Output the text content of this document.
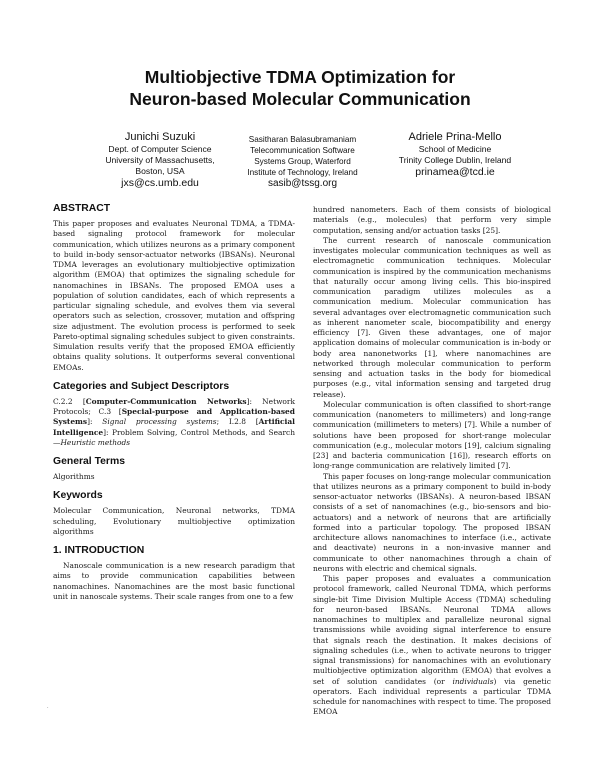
Multiobjective TDMA Optimization for
Neuron-based Molecular Communication
Junichi Suzuki
Dept. of Computer Science
University of Massachusetts,
Boston, USA
jxs@cs.umb.edu
Sasitharan Balasubramaniam
Telecommunication Software
Systems Group, Waterford
Institute of Technology, Ireland
sasib@tssg.org
Adriele Prina-Mello
School of Medicine
Trinity College Dublin, Ireland
prinamea@tcd.ie
ABSTRACT

This paper proposes and evaluates Neuronal TDMA, a TDMA-based signaling protocol framework for molecular communication, which utilizes neurons as a primary component to build in-body sensor-actuator networks (IBSANs). Neuronal TDMA leverages an evolutionary multiobjective optimization algorithm (EMOA) that optimizes the signaling schedule for nanomachines in IBSANs. The proposed EMOA uses a population of solution candidates, each of which represents a particular signaling schedule, and evolves them via several operators such as selection, crossover, mutation and offspring size adjustment. The evolution process is performed to seek Pareto-optimal signaling schedules subject to given constraints. Simulation results verify that the proposed EMOA efficiently obtains quality solutions. It outperforms several conventional EMOAs.

Categories and Subject Descriptors

C.2.2 [Computer-Communication Networks]: Network Protocols; C.3 [Special-purpose and Application-based Systems]: Signal processing systems; I.2.8 [Artificial Intelligence]: Problem Solving, Control Methods, and Search—Heuristic methods

General Terms

Algorithms

Keywords

Molecular Communication, Neuronal networks, TDMA scheduling, Evolutionary multiobjective optimization algorithms

1. INTRODUCTION

Nanoscale communication is a new research paradigm that aims to provide communication capabilities between nanomachines. Nanomachines are the most basic functional unit in nanoscale systems. Their scale ranges from one to a few

hundred nanometers. Each of them consists of biological materials (e.g., molecules) that perform very simple computation, sensing and/or actuation tasks [25].

The current research of nanoscale communication investigates molecular communication techniques as well as electromagnetic communication techniques. Molecular communication is inspired by the communication mechanisms that naturally occur among living cells. This bio-inspired communication paradigm utilizes molecules as a communication medium. Molecular communication has several advantages over electromagnetic communication such as inherent nanometer scale, biocompatibility and energy efficiency [7]. Given these advantages, one of major application domains of molecular communication is in-body or body area nanonetworks [1], where nanomachines are networked through molecular communication to perform sensing and actuation tasks in the body for biomedical purposes (e.g., vital information sensing and targeted drug release).

Molecular communication is often classified to short-range communication (nanometers to millimeters) and long-range communication (millimeters to meters) [7]. While a number of solutions have been proposed for short-range molecular communication (e.g., molecular motors [19], calcium signaling [23] and bacteria communication [16]), research efforts on long-range communication are relatively limited [7].

This paper focuses on long-range molecular communication that utilizes neurons as a primary component to build in-body sensor-actuator networks (IBSANs). A neuron-based IBSAN consists of a set of nanomachines (e.g., bio-sensors and bio-actuators) and a network of neurons that are artificially formed into a particular topology. The proposed IBSAN architecture allows nanomachines to interface (i.e., activate and deactivate) neurons in a non-invasive manner and communicate to other nanomachines through a chain of neurons with electric and chemical signals.

This paper proposes and evaluates a communication protocol framework, called Neuronal TDMA, which performs single-bit Time Division Multiple Access (TDMA) scheduling for neuron-based IBSANs. Neuronal TDMA allows nanomachines to multiplex and parallelize neuronal signal transmissions while avoiding signal interference to ensure that signals reach the destination. It makes decisions of signaling schedules (i.e., when to activate neurons to trigger signal transmissions) for nanomachines with an evolutionary multiobjective optimization algorithm (EMOA) that evolves a set of solution candidates (or individuals) via genetic operators. Each individual represents a particular TDMA schedule for nanomachines with respect to time. The proposed EMOA

.
